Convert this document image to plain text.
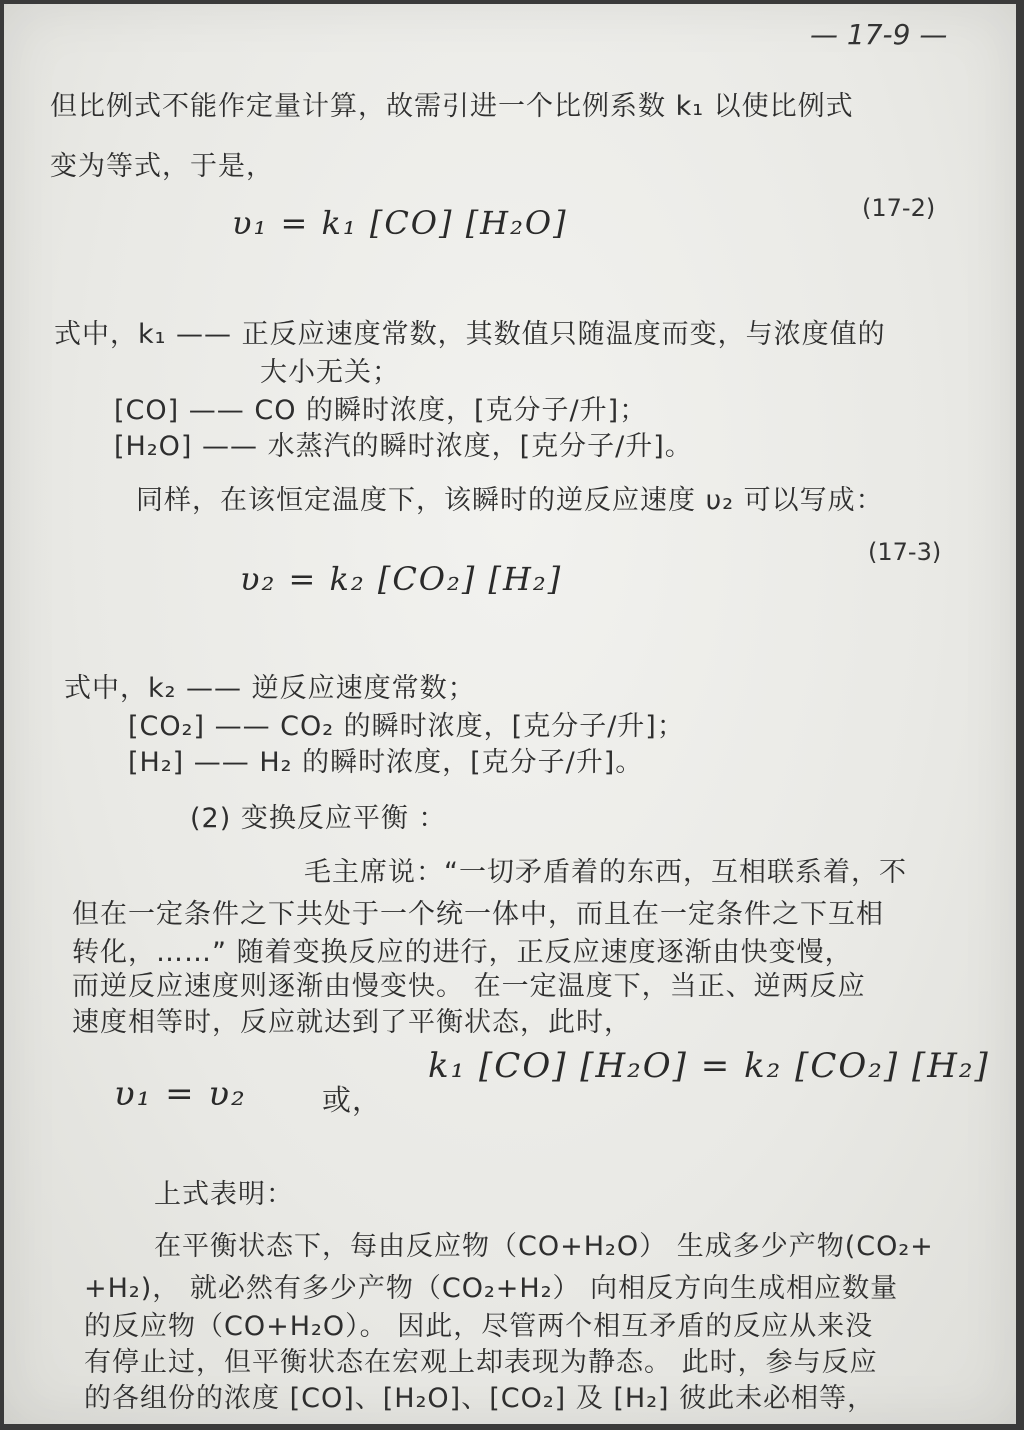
— 17-9 —
但比例式不能作定量计算，故需引进一个比例系数 k₁ 以使比例式
变为等式，于是，
υ₁ = k₁ [CO] [H₂O]	(17-2)
式中，k₁ —— 正反应速度常数，其数值只随温度而变，与浓度值的
大小无关；
[CO] —— CO 的瞬时浓度，[克分子/升]；
[H₂O] —— 水蒸汽的瞬时浓度，[克分子/升]。
同样，在该恒定温度下，该瞬时的逆反应速度 υ₂ 可以写成：
υ₂ = k₂ [CO₂] [H₂]
(17-3)
式中，k₂ —— 逆反应速度常数；
[CO₂] —— CO₂ 的瞬时浓度，[克分子/升]；
[H₂] —— H₂ 的瞬时浓度，[克分子/升]。
(2) 变换反应平衡 ：
毛主席说：“一切矛盾着的东西，互相联系着，不
但在一定条件之下共处于一个统一体中，而且在一定条件之下互相
转化，……” 随着变换反应的进行，正反应速度逐渐由快变慢，
而逆反应速度则逐渐由慢变快。 在一定温度下，当正、逆两反应
速度相等时，反应就达到了平衡状态，此时，
υ₁ = υ₂	或，
k₁ [CO] [H₂O] = k₂ [CO₂] [H₂]
上式表明：
在平衡状态下，每由反应物（CO+H₂O） 生成多少产物(CO₂+
+H₂)， 就必然有多少产物（CO₂+H₂） 向相反方向生成相应数量
的反应物（CO+H₂O）。 因此，尽管两个相互矛盾的反应从来没
有停止过，但平衡状态在宏观上却表现为静态。 此时，参与反应
的各组份的浓度 [CO]、[H₂O]、[CO₂] 及 [H₂] 彼此未必相等，
